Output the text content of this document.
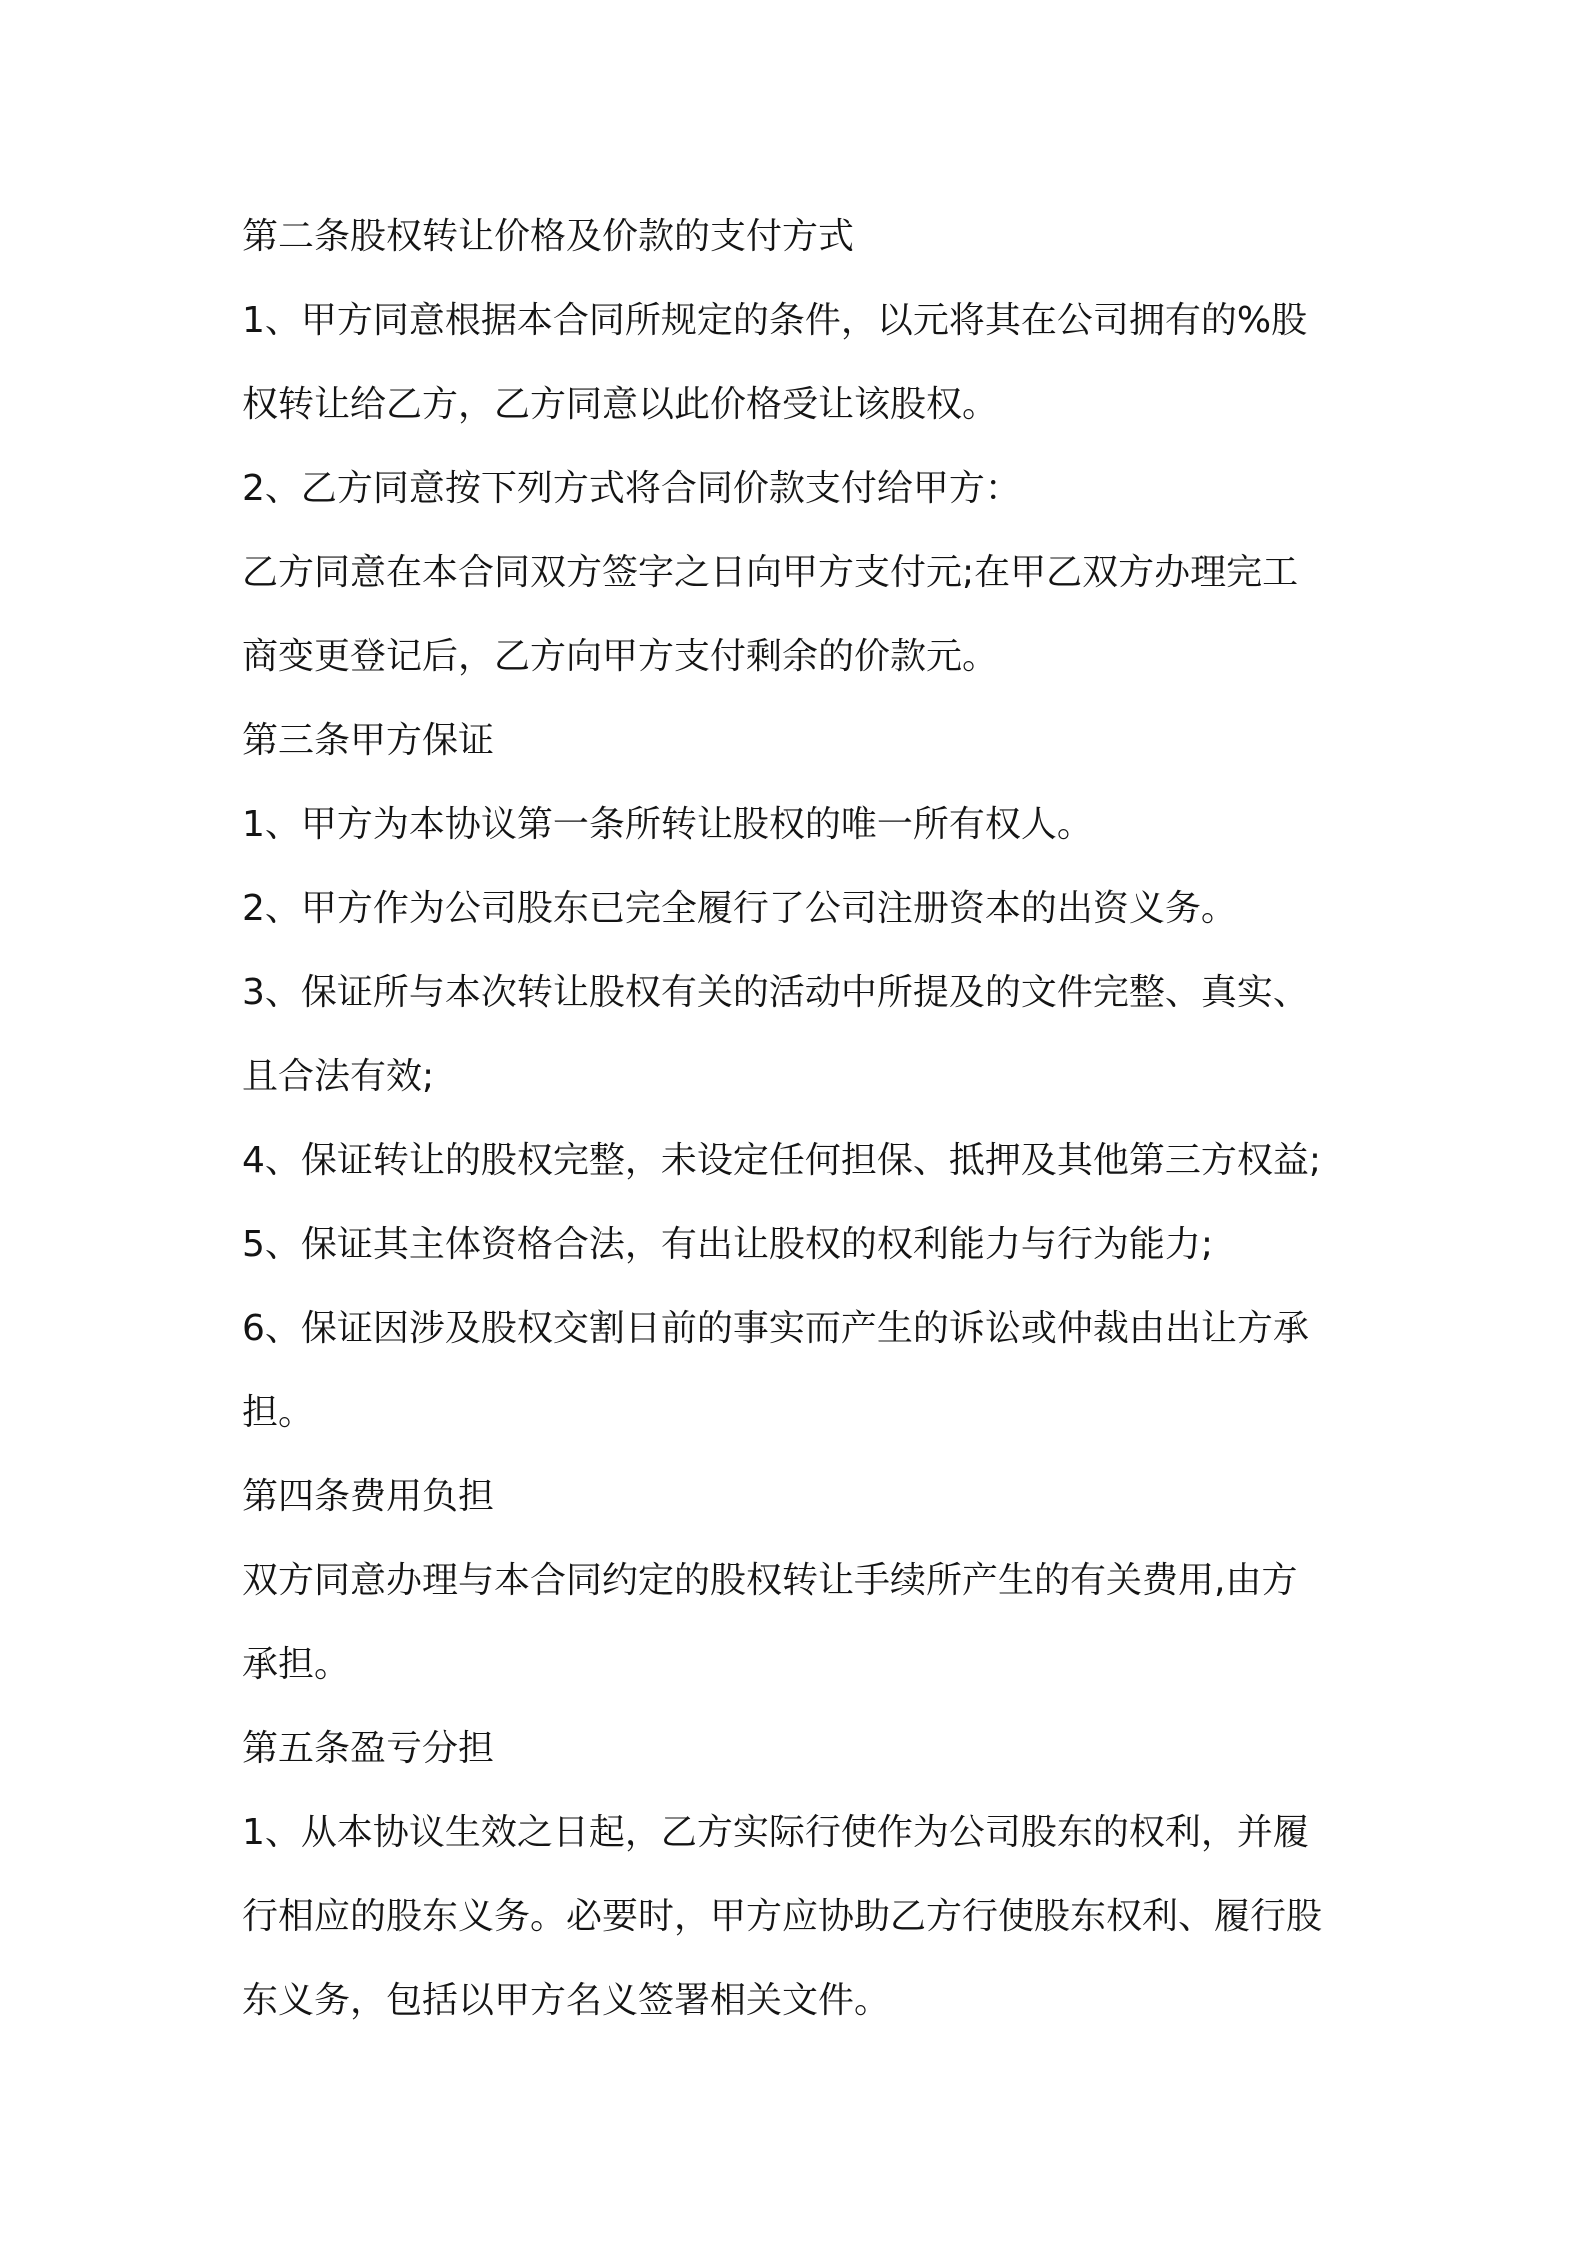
第二条股权转让价格及价款的支付方式
1、甲方同意根据本合同所规定的条件，以元将其在公司拥有的%股
权转让给乙方，乙方同意以此价格受让该股权。
2、乙方同意按下列方式将合同价款支付给甲方：
乙方同意在本合同双方签字之日向甲方支付元;在甲乙双方办理完工
商变更登记后，乙方向甲方支付剩余的价款元。
第三条甲方保证
1、甲方为本协议第一条所转让股权的唯一所有权人。
2、甲方作为公司股东已完全履行了公司注册资本的出资义务。
3、保证所与本次转让股权有关的活动中所提及的文件完整、真实、
且合法有效;
4、保证转让的股权完整，未设定任何担保、抵押及其他第三方权益;
5、保证其主体资格合法，有出让股权的权利能力与行为能力;
6、保证因涉及股权交割日前的事实而产生的诉讼或仲裁由出让方承
担。
第四条费用负担
双方同意办理与本合同约定的股权转让手续所产生的有关费用,由方
承担。
第五条盈亏分担
1、从本协议生效之日起，乙方实际行使作为公司股东的权利，并履
行相应的股东义务。必要时，甲方应协助乙方行使股东权利、履行股
东义务，包括以甲方名义签署相关文件。
